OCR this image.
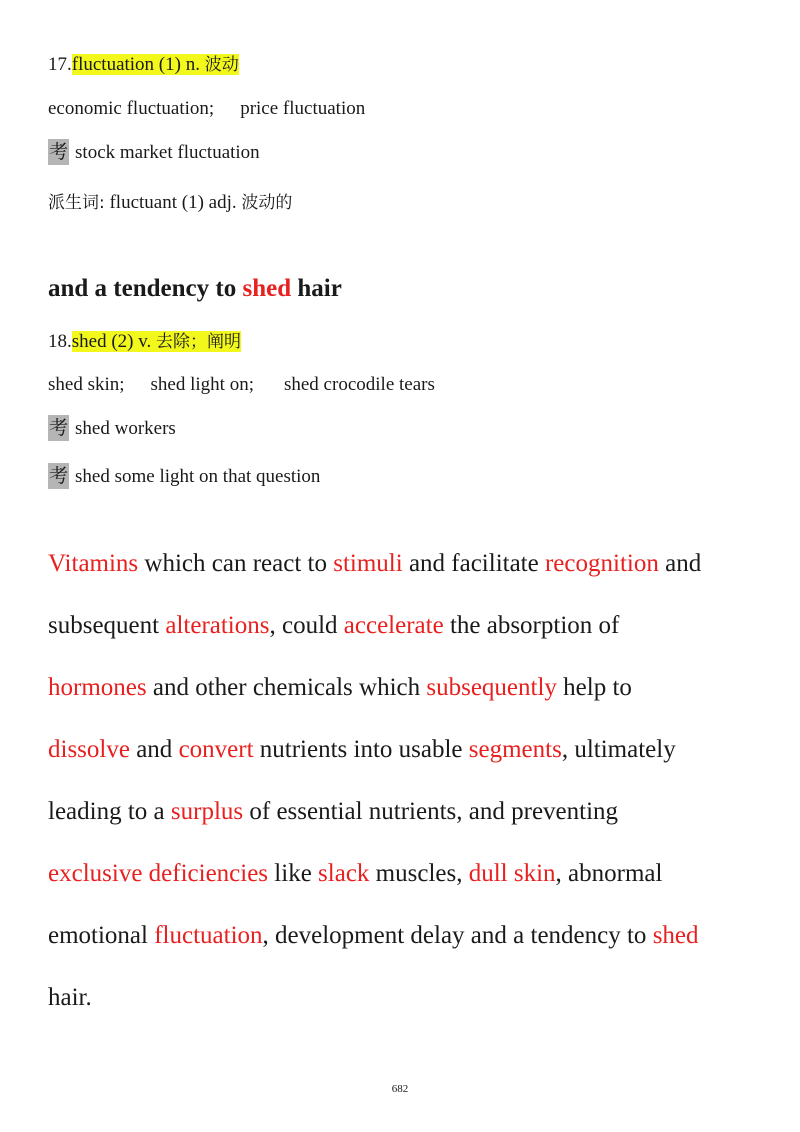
17.fluctuation (1) n. 波动
economic fluctuation; price fluctuation
考 stock market fluctuation
派生词: fluctuant (1) adj. 波动的
and a tendency to shed hair
18.shed (2) v. 去除；阐明
shed skin; shed light on; shed crocodile tears
考 shed workers
考 shed some light on that question
Vitamins which can react to stimuli and facilitate recognition and
subsequent alterations, could accelerate the absorption of
hormones and other chemicals which subsequently help to
dissolve and convert nutrients into usable segments, ultimately
leading to a surplus of essential nutrients, and preventing
exclusive deficiencies like slack muscles, dull skin, abnormal
emotional fluctuation, development delay and a tendency to shed
hair.
682
